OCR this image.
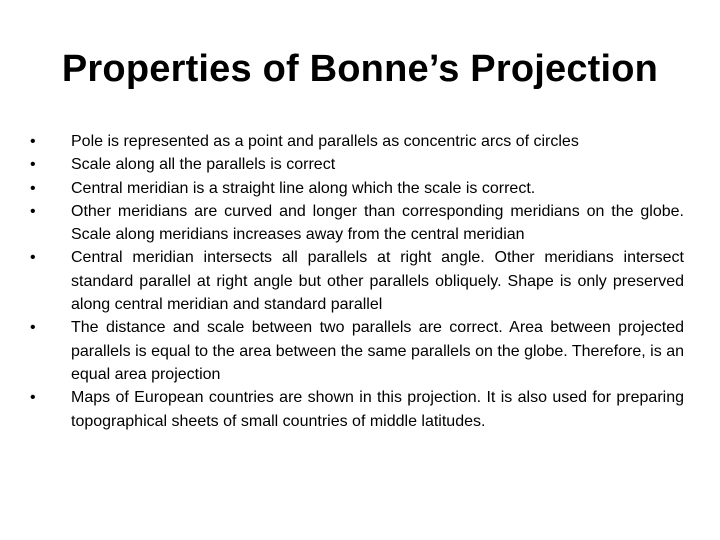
Properties of Bonne’s Projection
•	Pole is represented as a point and parallels as concentric arcs of circles
•	Scale along all the parallels is correct
•	Central meridian is a straight line along which the scale is correct.
•	Other meridians are curved and longer than corresponding meridians on the globe. Scale along meridians increases away from the central meridian
•	Central meridian intersects all parallels at right angle. Other meridians intersect standard parallel at right angle but other parallels obliquely. Shape is only preserved along central meridian and standard parallel
•	The distance and scale between two parallels are correct. Area between projected parallels is equal to the area between the same parallels on the globe. Therefore, is an equal area projection
•	Maps of European countries are shown in this projection. It is also used for preparing topographical sheets of small countries of middle latitudes.
